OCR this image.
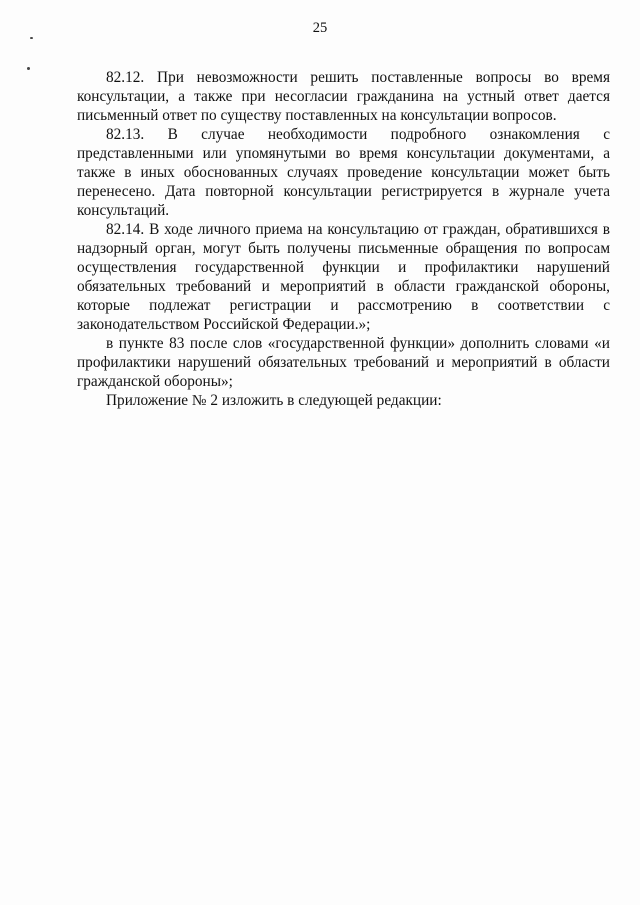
25

82.12. При невозможности решить поставленные вопросы во время консультации, а также при несогласии гражданина на устный ответ дается письменный ответ по существу поставленных на консультации вопросов.

82.13. В случае необходимости подробного ознакомления с представленными или упомянутыми во время консультации документами, а также в иных обоснованных случаях проведение консультации может быть перенесено. Дата повторной консультации регистрируется в журнале учета консультаций.

82.14. В ходе личного приема на консультацию от граждан, обратившихся в надзорный орган, могут быть получены письменные обращения по вопросам осуществления государственной функции и профилактики нарушений обязательных требований и мероприятий в области гражданской обороны, которые подлежат регистрации и рассмотрению в соответствии с законодательством Российской Федерации.»;

в пункте 83 после слов «государственной функции» дополнить словами «и профилактики нарушений обязательных требований и мероприятий в области гражданской обороны»;

Приложение № 2 изложить в следующей редакции:
